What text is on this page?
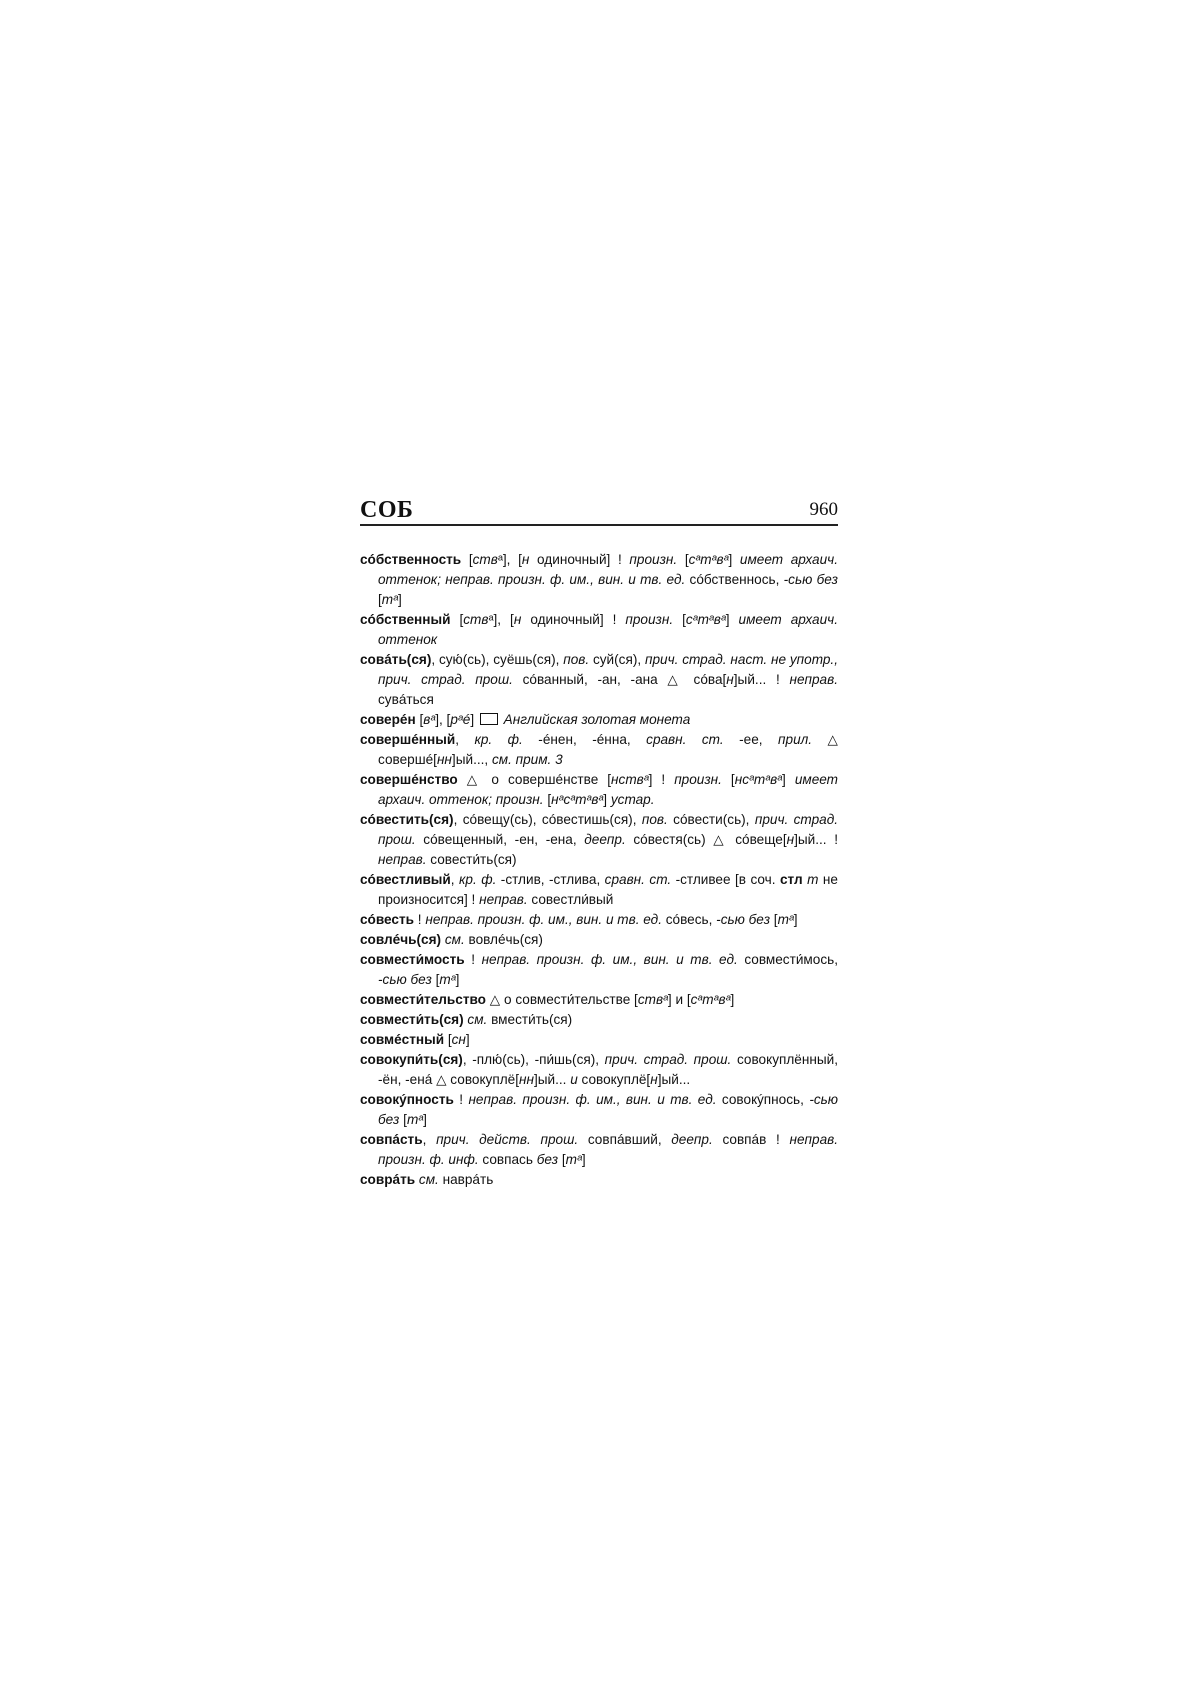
СОБ	960

сóбственность [ствᵃ], [н одиночный] ! произн. [cᵃтᵃвᵃ] имеет архаич. оттенок; неправ. произн. ф. им., вин. и тв. ед. сóбственнось, -сью без [тᵃ]

сóбственный [ствᵃ], [н одиночный] ! произн. [cᵃтᵃвᵃ] имеет архаич. оттенок

совáть(ся), сую́(сь), суёшь(ся), пов. суй(ся), прич. страд. наст. не употр., прич. страд. прош. сóванный, -ан, -ана △ сóва[н]ый... ! неправ. сувáться

соверéн [вᵃ], [рᵃé]  Английская золотая монета

совершéнный, кр. ф. -éнен, -éнна, сравн. ст. -ее, прил. △ совершé[нн]ый..., см. прим. 3

совершéнство △ о совершéнстве [нствᵃ] ! произн. [нсᵃтᵃвᵃ] имеет архаич. оттенок; произн. [нᵃсᵃтᵃвᵃ] устар.

сóвестить(ся), сóвещу(сь), сóвестишь(ся), пов. сóвести(сь), прич. страд. прош. сóвещенный, -ен, -ена, деепр. сóвестя(сь) △ сóвеще[н]ый... ! неправ. совести́ть(ся)

сóвестливый, кр. ф. -стлив, -стлива, сравн. ст. -стливее [в соч. стл т не произносится] ! неправ. совестли́вый

сóвесть ! неправ. произн. ф. им., вин. и тв. ед. сóвесь, -сью без [тᵃ]

совлéчь(ся) см. вовлéчь(ся)

совмести́мость ! неправ. произн. ф. им., вин. и тв. ед. совмести́мось, -сью без [тᵃ]

совмести́тельство △ о совмести́тельстве [ствᵃ] и [cᵃтᵃвᵃ]

совмести́ть(ся) см. вмести́ть(ся)

совмéстный [сн]

совокупи́ть(ся), -плю́(сь), -пи́шь(ся), прич. страд. прош. совокуплённый, -ён, -енá △ совокуплё[нн]ый... и совокуплё[н]ый...

совокýпность ! неправ. произн. ф. им., вин. и тв. ед. совокýпнось, -сью без [тᵃ]

совпáсть, прич. действ. прош. совпáвший, деепр. совпáв ! неправ. произн. ф. инф. совпась без [тᵃ]

соврáть см. наврáть
